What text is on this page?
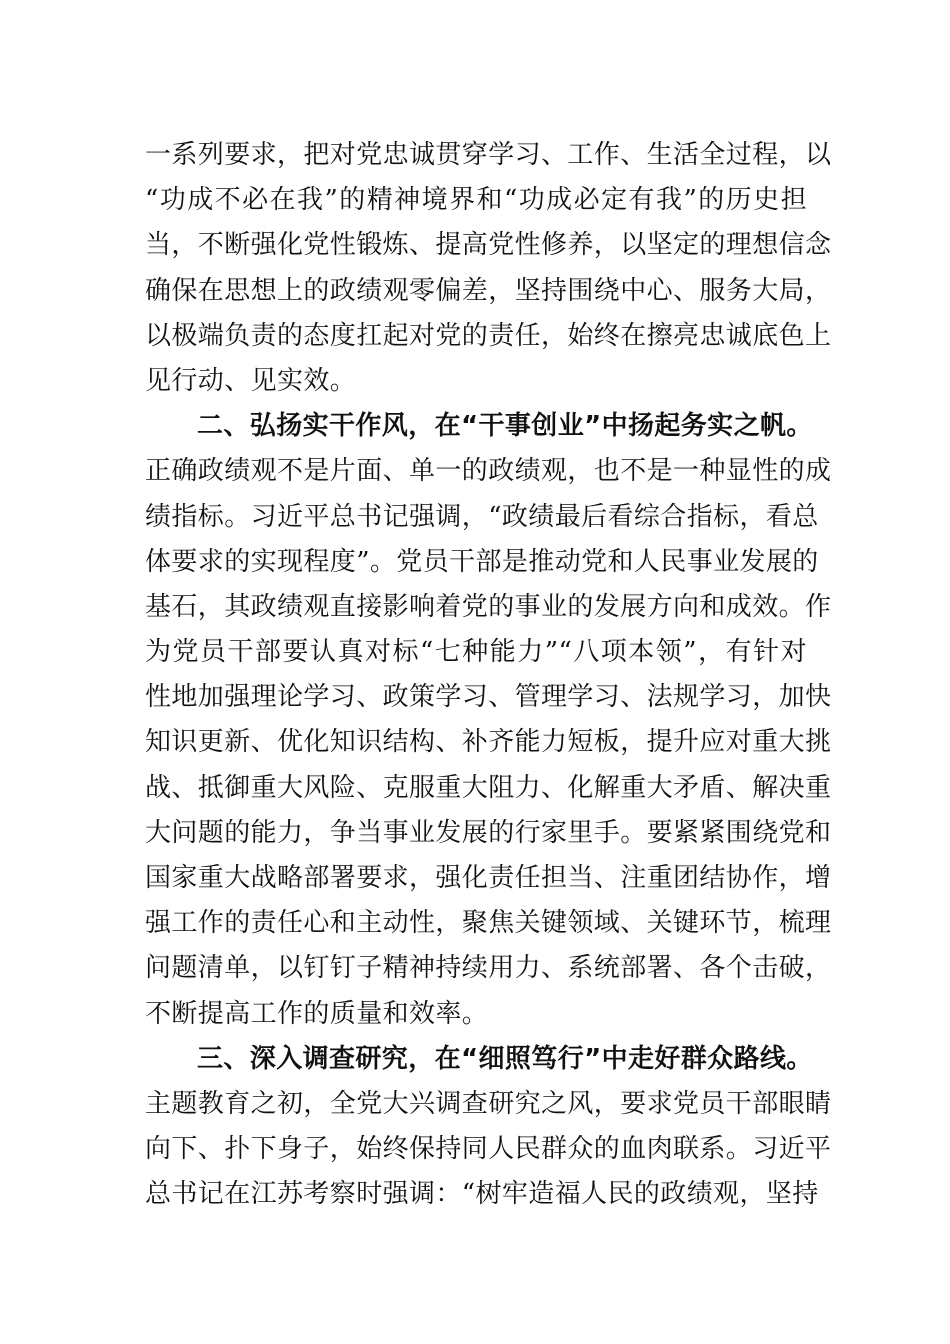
一系列要求，把对党忠诚贯穿学习、工作、生活全过程，以
“功成不必在我”的精神境界和“功成必定有我”的历史担
当，不断强化党性锻炼、提高党性修养，以坚定的理想信念
确保在思想上的政绩观零偏差，坚持围绕中心、服务大局，
以极端负责的态度扛起对党的责任，始终在擦亮忠诚底色上
见行动、见实效。
二、弘扬实干作风，在“干事创业”中扬起务实之帆。
正确政绩观不是片面、单一的政绩观，也不是一种显性的成
绩指标。习近平总书记强调，“政绩最后看综合指标，看总
体要求的实现程度”。党员干部是推动党和人民事业发展的
基石，其政绩观直接影响着党的事业的发展方向和成效。作
为党员干部要认真对标“七种能力”“八项本领”，有针对
性地加强理论学习、政策学习、管理学习、法规学习，加快
知识更新、优化知识结构、补齐能力短板，提升应对重大挑
战、抵御重大风险、克服重大阻力、化解重大矛盾、解决重
大问题的能力，争当事业发展的行家里手。要紧紧围绕党和
国家重大战略部署要求，强化责任担当、注重团结协作，增
强工作的责任心和主动性，聚焦关键领域、关键环节，梳理
问题清单，以钉钉子精神持续用力、系统部署、各个击破，
不断提高工作的质量和效率。
三、深入调查研究，在“细照笃行”中走好群众路线。
主题教育之初，全党大兴调查研究之风，要求党员干部眼睛
向下、扑下身子，始终保持同人民群众的血肉联系。习近平
总书记在江苏考察时强调：“树牢造福人民的政绩观，坚持
